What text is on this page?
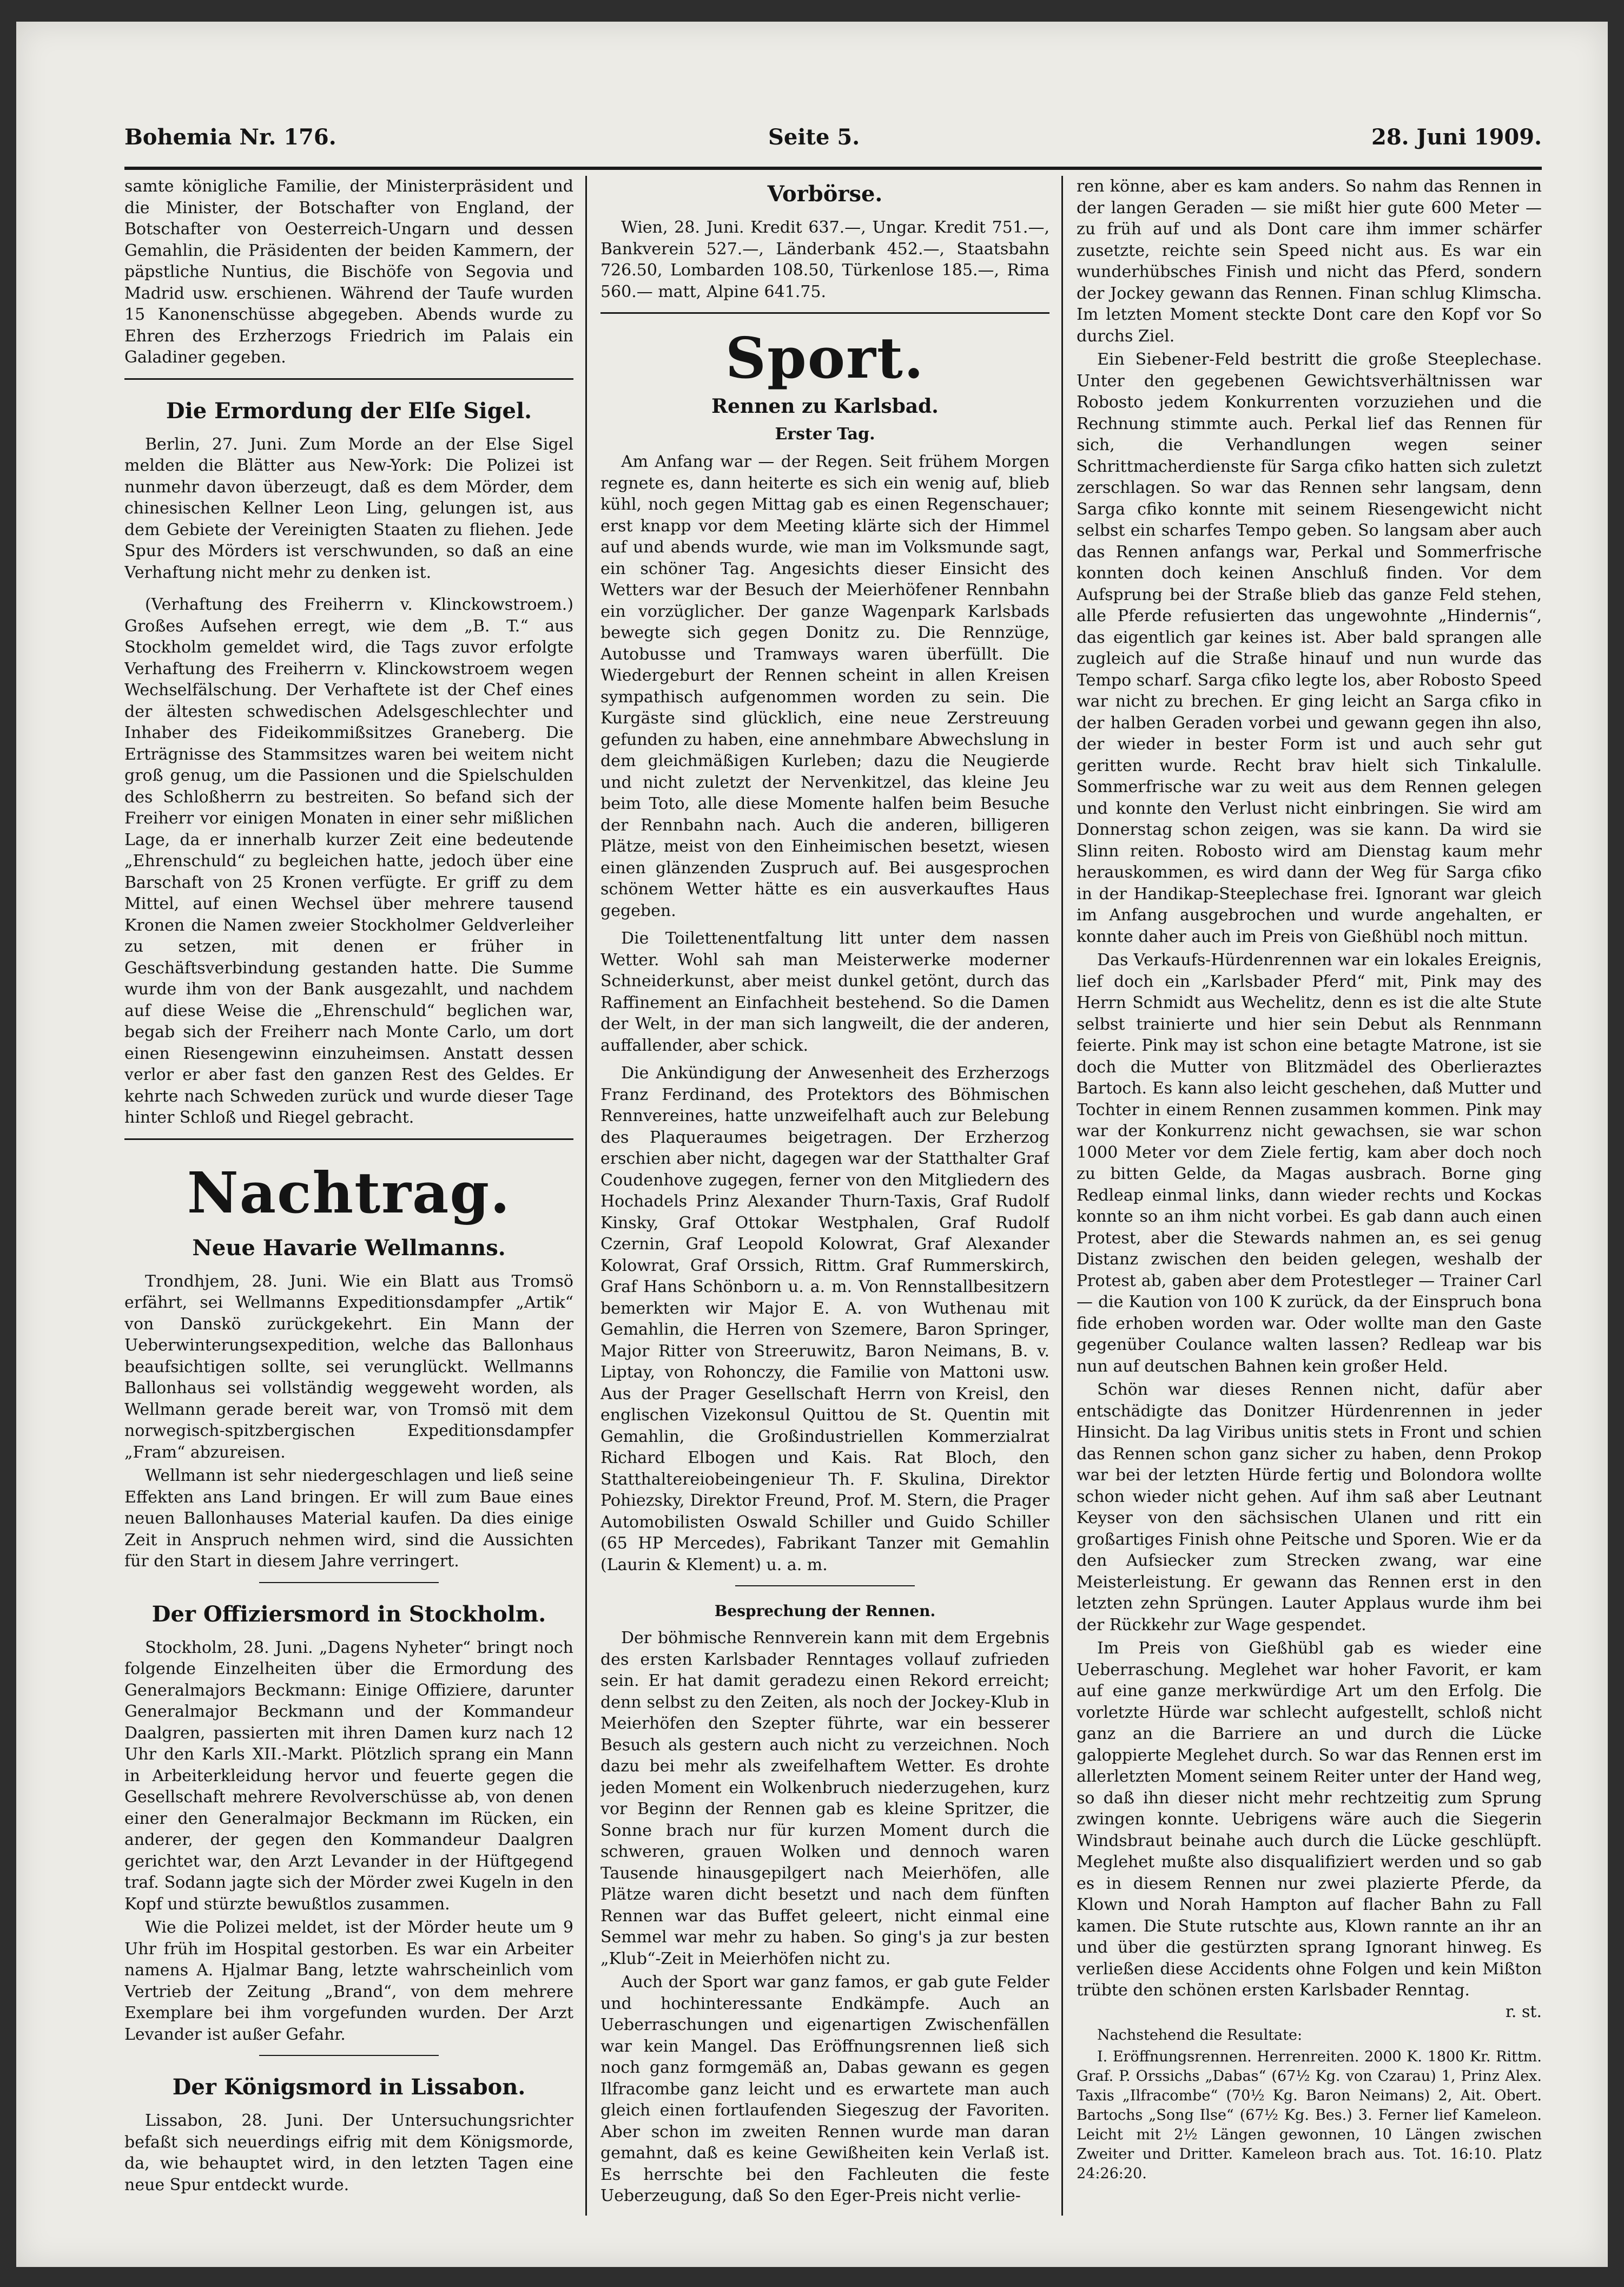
Bohemia Nr. 176.	Seite 5.	28. Juni 1909.

samte königliche Familie, der Ministerpräsident und die Minister, der Botschafter von England, der Botschafter von Oesterreich-Ungarn und dessen Gemahlin, die Präsidenten der beiden Kammern, der päpstliche Nuntius, die Bischöfe von Segovia und Madrid usw. erschienen. Während der Taufe wurden 15 Kanonenschüsse abgegeben. Abends wurde zu Ehren des Erzherzogs Friedrich im Palais ein Galadiner gegeben.

Die Ermordung der Elſe Sigel.

Berlin, 27. Juni. Zum Morde an der Else Sigel melden die Blätter aus New-York: Die Polizei ist nunmehr davon überzeugt, daß es dem Mörder, dem chinesischen Kellner Leon Ling, gelungen ist, aus dem Gebiete der Vereinigten Staaten zu fliehen. Jede Spur des Mörders ist verschwunden, so daß an eine Verhaftung nicht mehr zu denken ist.

(Verhaftung des Freiherrn v. Klinckowstroem.) Großes Aufsehen erregt, wie dem „B. T.“ aus Stockholm gemeldet wird, die Tags zuvor erfolgte Verhaftung des Freiherrn v. Klinckowstroem wegen Wechselfälschung. Der Verhaftete ist der Chef eines der ältesten schwedischen Adelsgeschlechter und Inhaber des Fideikommißsitzes Graneberg. Die Erträgnisse des Stammsitzes waren bei weitem nicht groß genug, um die Passionen und die Spielschulden des Schloßherrn zu bestreiten. So befand sich der Freiherr vor einigen Monaten in einer sehr mißlichen Lage, da er innerhalb kurzer Zeit eine bedeutende „Ehrenschuld“ zu begleichen hatte, jedoch über eine Barschaft von 25 Kronen verfügte. Er griff zu dem Mittel, auf einen Wechsel über mehrere tausend Kronen die Namen zweier Stockholmer Geldverleiher zu setzen, mit denen er früher in Geschäftsverbindung gestanden hatte. Die Summe wurde ihm von der Bank ausgezahlt, und nachdem auf diese Weise die „Ehrenschuld“ beglichen war, begab sich der Freiherr nach Monte Carlo, um dort einen Riesengewinn einzuheimsen. Anstatt dessen verlor er aber fast den ganzen Rest des Geldes. Er kehrte nach Schweden zurück und wurde dieser Tage hinter Schloß und Riegel gebracht.

Nachtrag.
Neue Havarie Wellmanns.

Trondhjem, 28. Juni. Wie ein Blatt aus Tromsö erfährt, sei Wellmanns Expeditionsdampfer „Artik“ von Danskö zurückgekehrt. Ein Mann der Ueberwinterungsexpedition, welche das Ballonhaus beaufsichtigen sollte, sei verunglückt. Wellmanns Ballonhaus sei vollständig weggeweht worden, als Wellmann gerade bereit war, von Tromsö mit dem norwegisch-spitzbergischen Expeditionsdampfer „Fram“ abzureisen.

Wellmann ist sehr niedergeschlagen und ließ seine Effekten ans Land bringen. Er will zum Baue eines neuen Ballonhauses Material kaufen. Da dies einige Zeit in Anspruch nehmen wird, sind die Aussichten für den Start in diesem Jahre verringert.

Der Offiziersmord in Stockholm.

Stockholm, 28. Juni. „Dagens Nyheter“ bringt noch folgende Einzelheiten über die Ermordung des Generalmajors Beckmann: Einige Offiziere, darunter Generalmajor Beckmann und der Kommandeur Daalgren, passierten mit ihren Damen kurz nach 12 Uhr den Karls XII.-Markt. Plötzlich sprang ein Mann in Arbeiterkleidung hervor und feuerte gegen die Gesellschaft mehrere Revolverschüsse ab, von denen einer den Generalmajor Beckmann im Rücken, ein anderer, der gegen den Kommandeur Daalgren gerichtet war, den Arzt Levander in der Hüftgegend traf. Sodann jagte sich der Mörder zwei Kugeln in den Kopf und stürzte bewußtlos zusammen.

Wie die Polizei meldet, ist der Mörder heute um 9 Uhr früh im Hospital gestorben. Es war ein Arbeiter namens A. Hjalmar Bang, letzte wahrscheinlich vom Vertrieb der Zeitung „Brand“, von dem mehrere Exemplare bei ihm vorgefunden wurden. Der Arzt Levander ist außer Gefahr.

Der Königsmord in Lissabon.

Lissabon, 28. Juni. Der Untersuchungsrichter befaßt sich neuerdings eifrig mit dem Königsmorde, da, wie behauptet wird, in den letzten Tagen eine neue Spur entdeckt wurde.

Vorbörse.

Wien, 28. Juni. Kredit 637.—, Ungar. Kredit 751.—, Bankverein 527.—, Länderbank 452.—, Staatsbahn 726.50, Lombarden 108.50, Türkenlose 185.—, Rima 560.— matt, Alpine 641.75.

Sport.
Rennen zu Karlsbad.
Erster Tag.

Am Anfang war — der Regen. Seit frühem Morgen regnete es, dann heiterte es sich ein wenig auf, blieb kühl, noch gegen Mittag gab es einen Regenschauer; erst knapp vor dem Meeting klärte sich der Himmel auf und abends wurde, wie man im Volksmunde sagt, ein schöner Tag. Angesichts dieser Einsicht des Wetters war der Besuch der Meierhöfener Rennbahn ein vorzüglicher. Der ganze Wagenpark Karlsbads bewegte sich gegen Donitz zu. Die Rennzüge, Autobusse und Tramways waren überfüllt. Die Wiedergeburt der Rennen scheint in allen Kreisen sympathisch aufgenommen worden zu sein. Die Kurgäste sind glücklich, eine neue Zerstreuung gefunden zu haben, eine annehmbare Abwechslung in dem gleichmäßigen Kurleben; dazu die Neugierde und nicht zuletzt der Nervenkitzel, das kleine Jeu beim Toto, alle diese Momente halfen beim Besuche der Rennbahn nach. Auch die anderen, billigeren Plätze, meist von den Einheimischen besetzt, wiesen einen glänzenden Zuspruch auf. Bei ausgesprochen schönem Wetter hätte es ein ausverkauftes Haus gegeben.

Die Toilettenentfaltung litt unter dem nassen Wetter. Wohl sah man Meisterwerke moderner Schneiderkunst, aber meist dunkel getönt, durch das Raffinement an Einfachheit bestehend. So die Damen der Welt, in der man sich langweilt, die der anderen, auffallender, aber schick.

Die Ankündigung der Anwesenheit des Erzherzogs Franz Ferdinand, des Protektors des Böhmischen Rennvereines, hatte unzweifelhaft auch zur Belebung des Plaqueraumes beigetragen. Der Erzherzog erschien aber nicht, dagegen war der Statthalter Graf Coudenhove zugegen, ferner von den Mitgliedern des Hochadels Prinz Alexander Thurn-Taxis, Graf Rudolf Kinsky, Graf Ottokar Westphalen, Graf Rudolf Czernin, Graf Leopold Kolowrat, Graf Alexander Kolowrat, Graf Orssich, Rittm. Graf Rummerskirch, Graf Hans Schönborn u. a. m. Von Rennstallbesitzern bemerkten wir Major E. A. von Wuthenau mit Gemahlin, die Herren von Szemere, Baron Springer, Major Ritter von Streeruwitz, Baron Neimans, B. v. Liptay, von Rohonczy, die Familie von Mattoni usw. Aus der Prager Gesellschaft Herrn von Kreisl, den englischen Vizekonsul Quittou de St. Quentin mit Gemahlin, die Großindustriellen Kommerzialrat Richard Elbogen und Kais. Rat Bloch, den Statthaltereiobeingenieur Th. F. Skulina, Direktor Pohiezsky, Direktor Freund, Prof. M. Stern, die Prager Automobilisten Oswald Schiller und Guido Schiller (65 HP Mercedes), Fabrikant Tanzer mit Gemahlin (Laurin & Klement) u. a. m.

Besprechung der Rennen.

Der böhmische Rennverein kann mit dem Ergebnis des ersten Karlsbader Renntages vollauf zufrieden sein. Er hat damit geradezu einen Rekord erreicht; denn selbst zu den Zeiten, als noch der Jockey-Klub in Meierhöfen den Szepter führte, war ein besserer Besuch als gestern auch nicht zu verzeichnen. Noch dazu bei mehr als zweifelhaftem Wetter. Es drohte jeden Moment ein Wolkenbruch niederzugehen, kurz vor Beginn der Rennen gab es kleine Spritzer, die Sonne brach nur für kurzen Moment durch die schweren, grauen Wolken und dennoch waren Tausende hinausgepilgert nach Meierhöfen, alle Plätze waren dicht besetzt und nach dem fünften Rennen war das Buffet geleert, nicht einmal eine Semmel war mehr zu haben. So ging's ja zur besten „Klub“-Zeit in Meierhöfen nicht zu.

Auch der Sport war ganz famos, er gab gute Felder und hochinteressante Endkämpfe. Auch an Ueberraschungen und eigenartigen Zwischenfällen war kein Mangel. Das Eröffnungsrennen ließ sich noch ganz formgemäß an, Dabas gewann es gegen Ilfracombe ganz leicht und es erwartete man auch gleich einen fortlaufenden Siegeszug der Favoriten. Aber schon im zweiten Rennen wurde man daran gemahnt, daß es keine Gewißheiten kein Verlaß ist. Es herrschte bei den Fachleuten die feste Ueberzeugung, daß So den Eger-Preis nicht verlie-

ren könne, aber es kam anders. So nahm das Rennen in der langen Geraden — sie mißt hier gute 600 Meter — zu früh auf und als Dont care ihm immer schärfer zusetzte, reichte sein Speed nicht aus. Es war ein wunderhübsches Finish und nicht das Pferd, sondern der Jockey gewann das Rennen. Finan schlug Klimscha. Im letzten Moment steckte Dont care den Kopf vor So durchs Ziel.

Ein Siebener-Feld bestritt die große Steeplechase. Unter den gegebenen Gewichtsverhältnissen war Robosto jedem Konkurrenten vorzuziehen und die Rechnung stimmte auch. Perkal lief das Rennen für sich, die Verhandlungen wegen seiner Schrittmacherdienste für Sarga cfiko hatten sich zuletzt zerschlagen. So war das Rennen sehr langsam, denn Sarga cfiko konnte mit seinem Riesengewicht nicht selbst ein scharfes Tempo geben. So langsam aber auch das Rennen anfangs war, Perkal und Sommerfrische konnten doch keinen Anschluß finden. Vor dem Aufsprung bei der Straße blieb das ganze Feld stehen, alle Pferde refusierten das ungewohnte „Hindernis“, das eigentlich gar keines ist. Aber bald sprangen alle zugleich auf die Straße hinauf und nun wurde das Tempo scharf. Sarga cfiko legte los, aber Robosto Speed war nicht zu brechen. Er ging leicht an Sarga cfiko in der halben Geraden vorbei und gewann gegen ihn also, der wieder in bester Form ist und auch sehr gut geritten wurde. Recht brav hielt sich Tinkalulle. Sommerfrische war zu weit aus dem Rennen gelegen und konnte den Verlust nicht einbringen. Sie wird am Donnerstag schon zeigen, was sie kann. Da wird sie Slinn reiten. Robosto wird am Dienstag kaum mehr herauskommen, es wird dann der Weg für Sarga cfiko in der Handikap-Steeplechase frei. Ignorant war gleich im Anfang ausgebrochen und wurde angehalten, er konnte daher auch im Preis von Gießhübl noch mittun.

Das Verkaufs-Hürdenrennen war ein lokales Ereignis, lief doch ein „Karlsbader Pferd“ mit, Pink may des Herrn Schmidt aus Wechelitz, denn es ist die alte Stute selbst trainierte und hier sein Debut als Rennmann feierte. Pink may ist schon eine betagte Matrone, ist sie doch die Mutter von Blitzmädel des Oberlieraztes Bartoch. Es kann also leicht geschehen, daß Mutter und Tochter in einem Rennen zusammen kommen. Pink may war der Konkurrenz nicht gewachsen, sie war schon 1000 Meter vor dem Ziele fertig, kam aber doch noch zu bitten Gelde, da Magas ausbrach. Borne ging Redleap einmal links, dann wieder rechts und Kockas konnte so an ihm nicht vorbei. Es gab dann auch einen Protest, aber die Stewards nahmen an, es sei genug Distanz zwischen den beiden gelegen, weshalb der Protest ab, gaben aber dem Protestleger — Trainer Carl — die Kaution von 100 K zurück, da der Einspruch bona fide erhoben worden war. Oder wollte man den Gaste gegenüber Coulance walten lassen? Redleap war bis nun auf deutschen Bahnen kein großer Held.

Schön war dieses Rennen nicht, dafür aber entschädigte das Donitzer Hürdenrennen in jeder Hinsicht. Da lag Viribus unitis stets in Front und schien das Rennen schon ganz sicher zu haben, denn Prokop war bei der letzten Hürde fertig und Bolondora wollte schon wieder nicht gehen. Auf ihm saß aber Leutnant Keyser von den sächsischen Ulanen und ritt ein großartiges Finish ohne Peitsche und Sporen. Wie er da den Aufsiecker zum Strecken zwang, war eine Meisterleistung. Er gewann das Rennen erst in den letzten zehn Sprüngen. Lauter Applaus wurde ihm bei der Rückkehr zur Wage gespendet.

Im Preis von Gießhübl gab es wieder eine Ueberraschung. Meglehet war hoher Favorit, er kam auf eine ganze merkwürdige Art um den Erfolg. Die vorletzte Hürde war schlecht aufgestellt, schloß nicht ganz an die Barriere an und durch die Lücke galoppierte Meglehet durch. So war das Rennen erst im allerletzten Moment seinem Reiter unter der Hand weg, so daß ihn dieser nicht mehr rechtzeitig zum Sprung zwingen konnte. Uebrigens wäre auch die Siegerin Windsbraut beinahe auch durch die Lücke geschlüpft. Meglehet mußte also disqualifiziert werden und so gab es in diesem Rennen nur zwei plazierte Pferde, da Klown und Norah Hampton auf flacher Bahn zu Fall kamen. Die Stute rutschte aus, Klown rannte an ihr an und über die gestürzten sprang Ignorant hinweg. Es verließen diese Accidents ohne Folgen und kein Mißton trübte den schönen ersten Karlsbader Renntag.

r. st.

Nachstehend die Resultate:

I. Eröffnungsrennen. Herrenreiten. 2000 K. 1800 Kr. Rittm. Graf. P. Orssichs „Dabas“ (67½ Kg. von Czarau) 1, Prinz Alex. Taxis „Ilfracombe“ (70½ Kg. Baron Neimans) 2, Ait. Obert. Bartochs „Song Ilse“ (67½ Kg. Bes.) 3. Ferner lief Kameleon. Leicht mit 2½ Längen gewonnen, 10 Längen zwischen Zweiter und Dritter. Kameleon brach aus. Tot. 16:10. Platz 24:26:20.
